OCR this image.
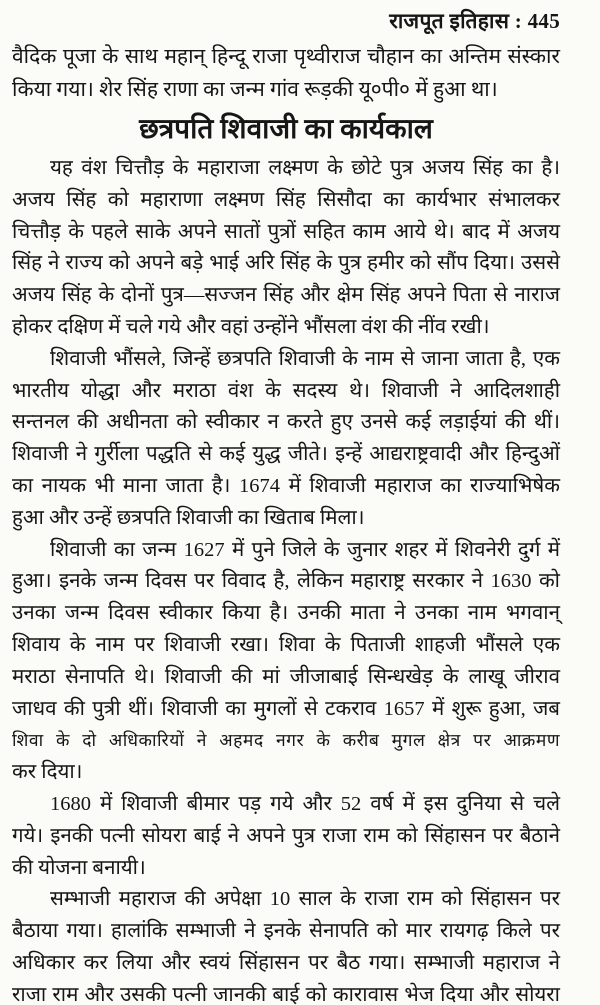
राजपूत इतिहास : 445
वैदिक पूजा के साथ महान् हिन्दू राजा पृथ्वीराज चौहान का अन्तिम संस्कार
किया गया। शेर सिंह राणा का जन्म गांव रूड़की यू०पी० में हुआ था।
छत्रपति शिवाजी का कार्यकाल
यह वंश चित्तौड़ के महाराजा लक्ष्मण के छोटे पुत्र अजय सिंह का है।
अजय सिंह को महाराणा लक्ष्मण सिंह सिसौदा का कार्यभार संभालकर
चित्तौड़ के पहले साके अपने सातों पुत्रों सहित काम आये थे। बाद में अजय
सिंह ने राज्य को अपने बड़े भाई अरि सिंह के पुत्र हमीर को सौंप दिया। उससे
अजय सिंह के दोनों पुत्र—सज्जन सिंह और क्षेम सिंह अपने पिता से नाराज
होकर दक्षिण में चले गये और वहां उन्होंने भौंसला वंश की नींव रखी।
शिवाजी भौंसले, जिन्हें छत्रपति शिवाजी के नाम से जाना जाता है, एक
भारतीय योद्धा और मराठा वंश के सदस्य थे। शिवाजी ने आदिलशाही
सन्तनल की अधीनता को स्वीकार न करते हुए उनसे कई लड़ाईयां की थीं।
शिवाजी ने गुर्रीला पद्धति से कई युद्ध जीते। इन्हें आद्यराष्ट्रवादी और हिन्दुओं
का नायक भी माना जाता है। 1674 में शिवाजी महाराज का राज्याभिषेक
हुआ और उन्हें छत्रपति शिवाजी का खिताब मिला।
शिवाजी का जन्म 1627 में पुने जिले के जुनार शहर में शिवनेरी दुर्ग में
हुआ। इनके जन्म दिवस पर विवाद है, लेकिन महाराष्ट्र सरकार ने 1630 को
उनका जन्म दिवस स्वीकार किया है। उनकी माता ने उनका नाम भगवान्
शिवाय के नाम पर शिवाजी रखा। शिवा के पिताजी शाहजी भौंसले एक
मराठा सेनापति थे। शिवाजी की मां जीजाबाई सिन्धखेड़ के लाखू जीराव
जाधव की पुत्री थीं। शिवाजी का मुगलों से टकराव 1657 में शुरू हुआ, जब
शिवा के दो अधिकारियों ने अहमद नगर के करीब मुगल क्षेत्र पर आक्रमण
कर दिया।
1680 में शिवाजी बीमार पड़ गये और 52 वर्ष में इस दुनिया से चले
गये। इनकी पत्नी सोयरा बाई ने अपने पुत्र राजा राम को सिंहासन पर बैठाने
की योजना बनायी।
सम्भाजी महाराज की अपेक्षा 10 साल के राजा राम को सिंहासन पर
बैठाया गया। हालांकि सम्भाजी ने इनके सेनापति को मार रायगढ़ किले पर
अधिकार कर लिया और स्वयं सिंहासन पर बैठ गया। सम्भाजी महाराज ने
राजा राम और उसकी पत्नी जानकी बाई को कारावास भेज दिया और सोयरा
